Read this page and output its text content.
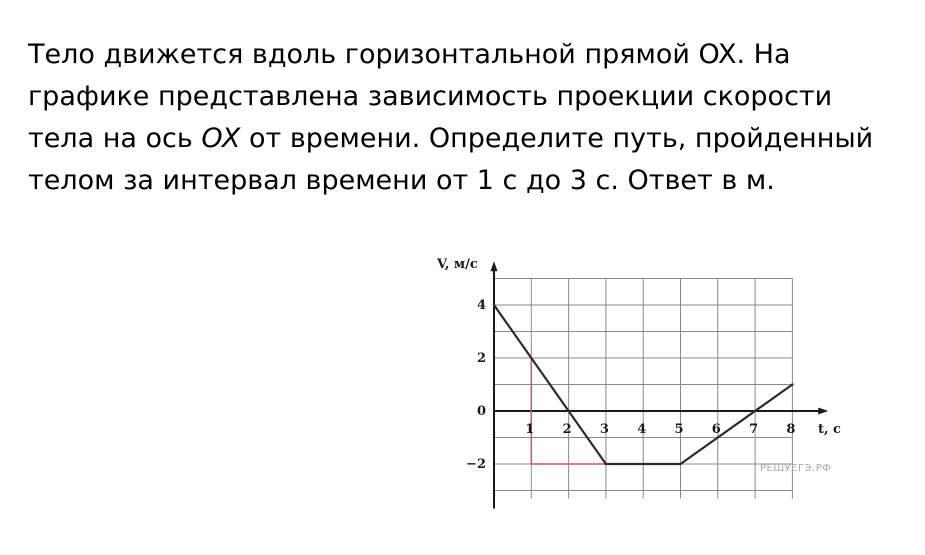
Тело движется вдоль горизонтальной прямой OX. На
графике представлена зависимость проекции скорости
тела на ось OX от времени. Определите путь, пройденный
телом за интервал времени от 1 с до 3 с. Ответ в м.
1 2 3 4 5 6 7 8
4
2
0
−2
V, м/с
t, с
РЕШУЕГЭ.РФ
